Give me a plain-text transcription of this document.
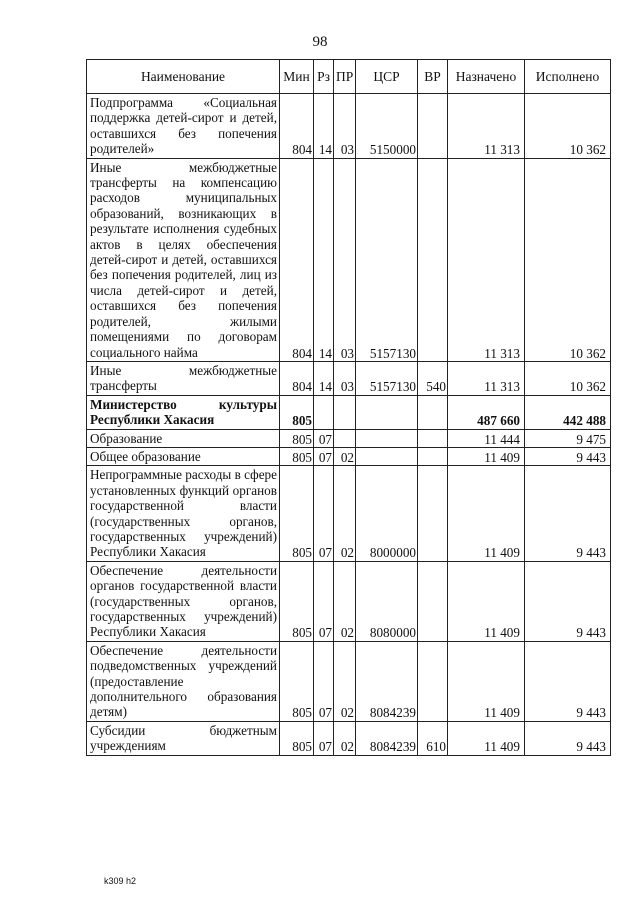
98
Наименование	Мин	Рз	ПР	ЦСР	ВР	Назначено	Исполнено
Подпрограмма «Социальная поддержка детей-сирот и детей, оставшихся без попечения родителей»	804	14	03	5150000		11 313	10 362
Иные межбюджетные трансферты на компенсацию расходов муниципальных образований, возникающих в результате исполнения судебных актов в целях обеспечения детей-сирот и детей, оставшихся без попечения родителей, лиц из числа детей-сирот и детей, оставшихся без попечения родителей, жилыми помещениями по договорам социального найма	804	14	03	5157130		11 313	10 362
Иные межбюджетные трансферты	804	14	03	5157130	540	11 313	10 362
Министерство культуры Республики Хакасия	805					487 660	442 488
Образование	805	07				11 444	9 475
Общее образование	805	07	02			11 409	9 443
Непрограммные расходы в сфере установленных функций органов государственной власти (государственных органов, государственных учреждений) Республики Хакасия	805	07	02	8000000		11 409	9 443
Обеспечение деятельности органов государственной власти (государственных органов, государственных учреждений) Республики Хакасия	805	07	02	8080000		11 409	9 443
Обеспечение деятельности подведомственных учреждений (предоставление дополнительного образования детям)	805	07	02	8084239		11 409	9 443
Субсидии бюджетным учреждениям	805	07	02	8084239	610	11 409	9 443
k309 h2
